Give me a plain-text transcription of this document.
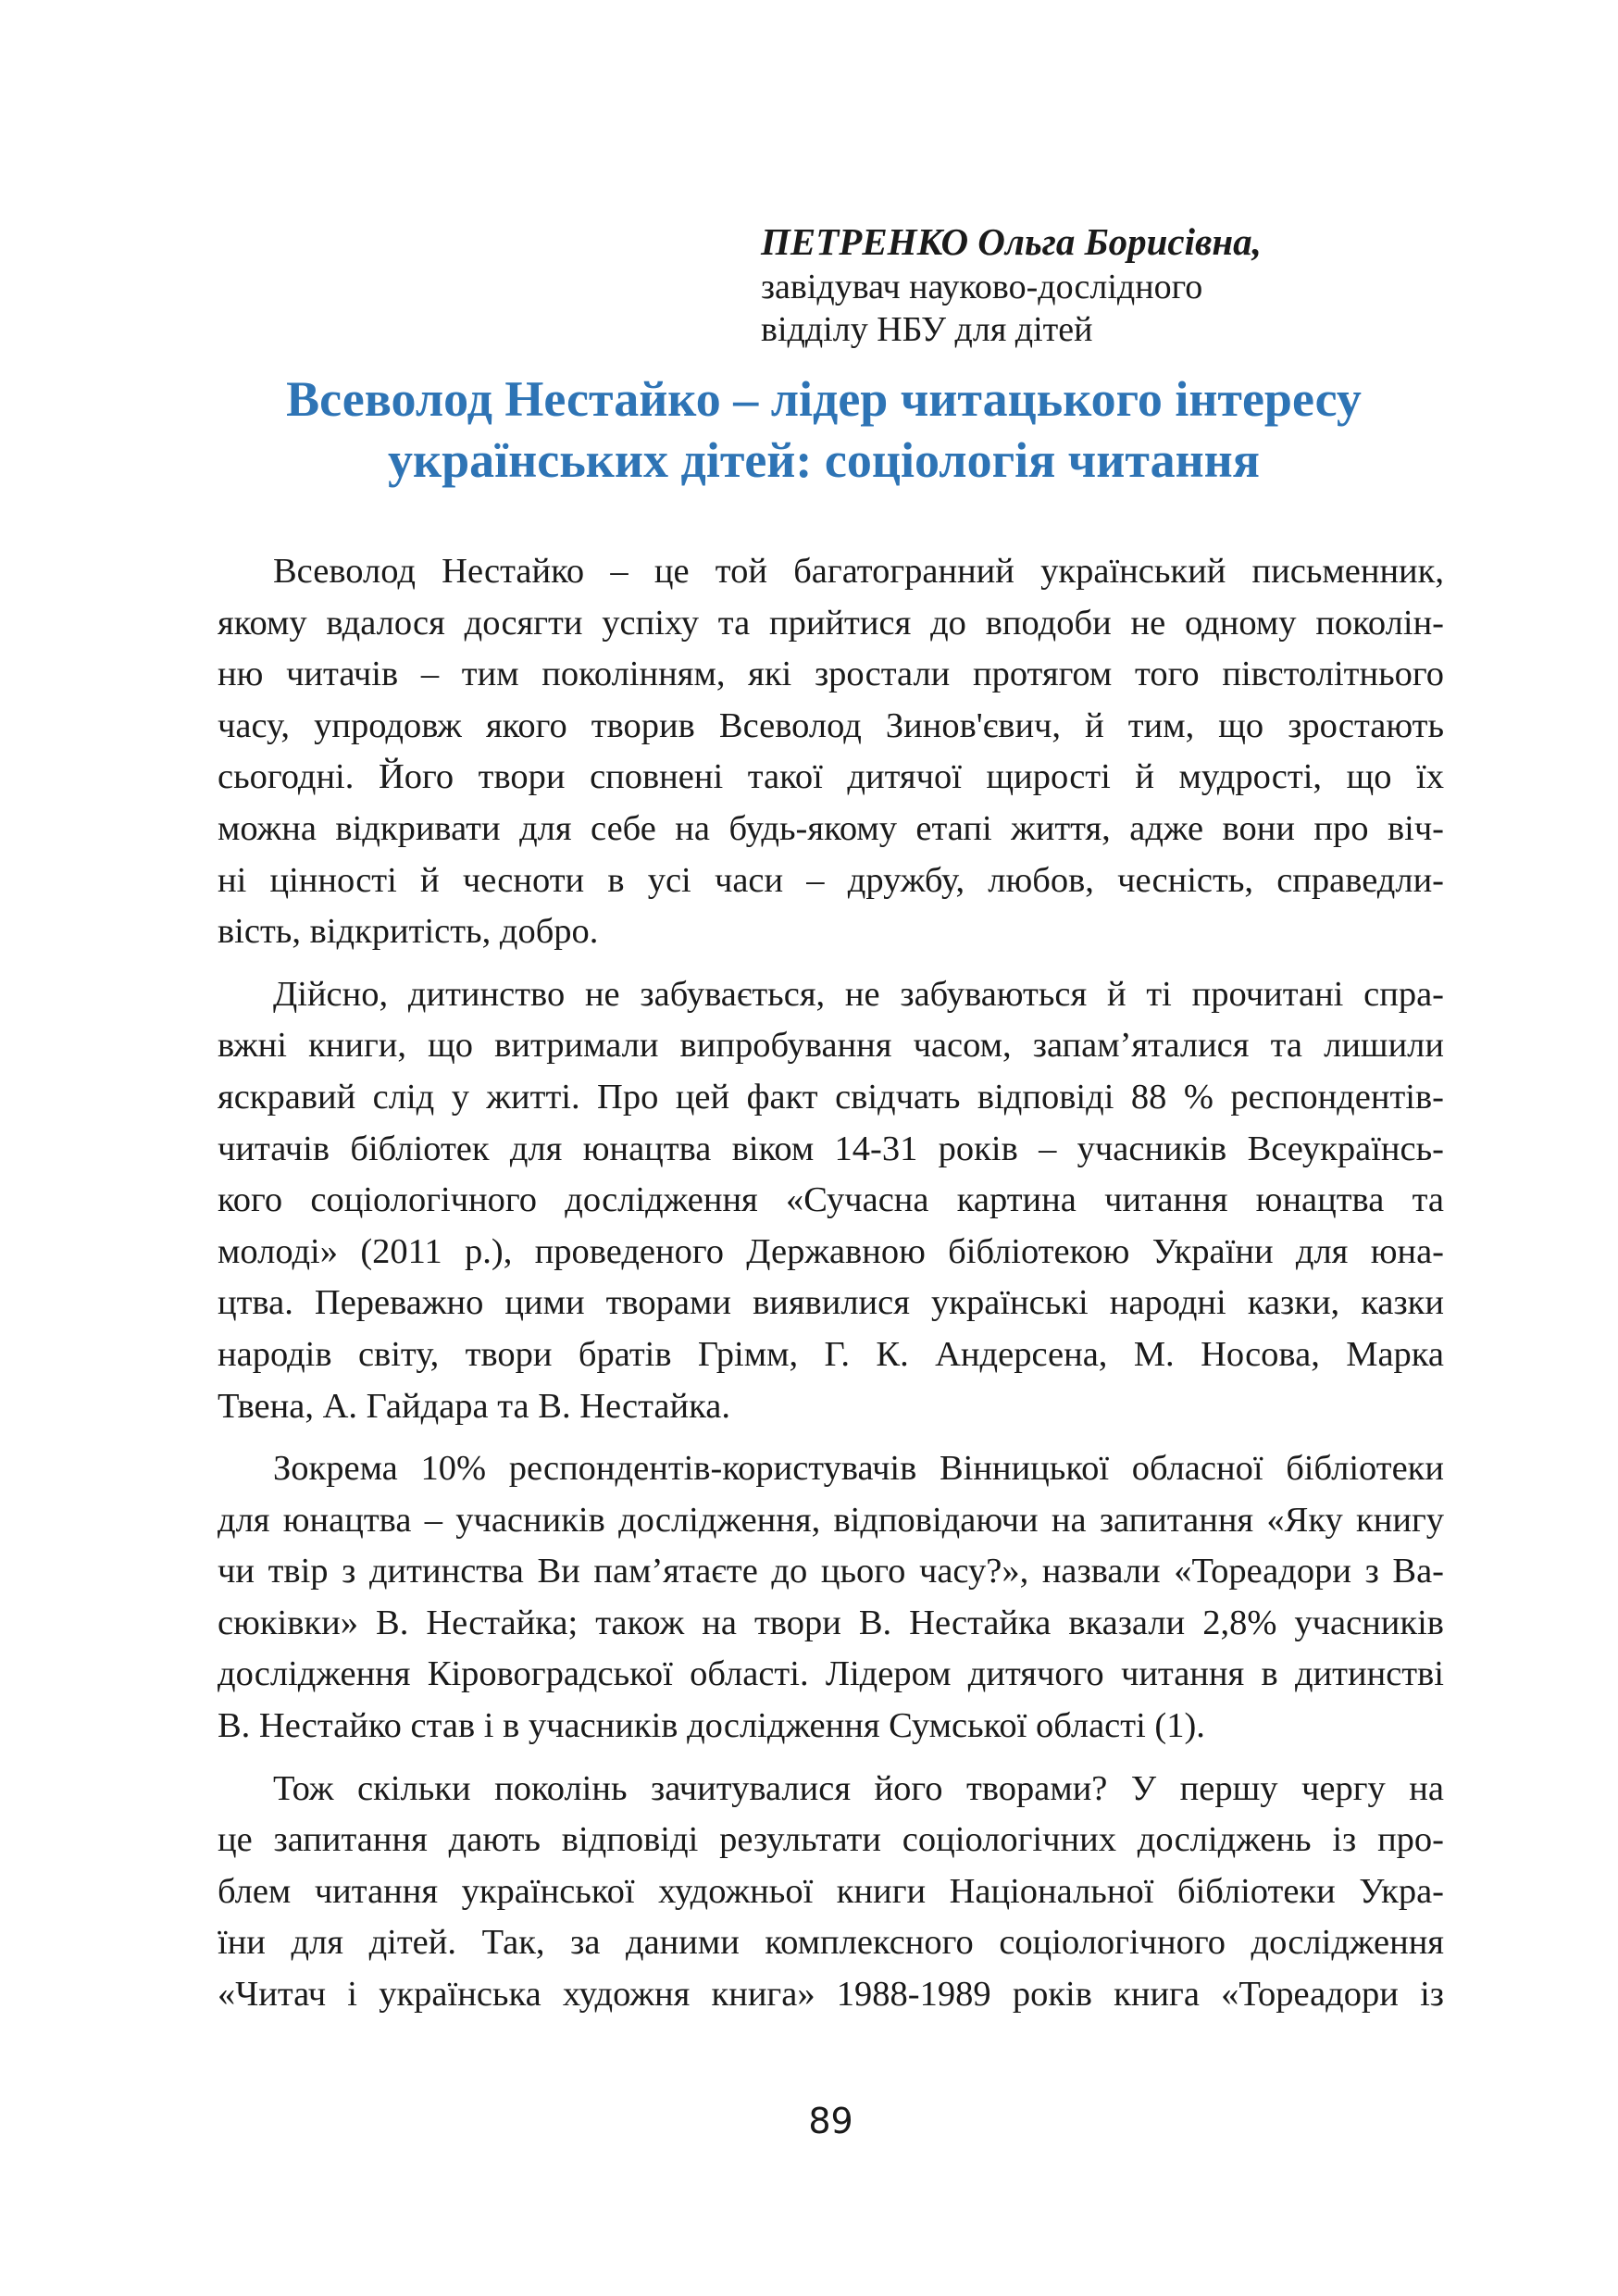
ПЕТРЕНКО Ольга Борисівна,

завідувач науково-дослідного

відділу НБУ для дітей

Всеволод Нестайко – лідер читацького інтересу
українських дітей: соціологія читання

Всеволод Нестайко – це той багатогранний український письменник,
якому вдалося досягти успіху та прийтися до вподоби не одному поколін-
ню читачів – тим поколінням, які зростали протягом того півстолітнього
часу, упродовж якого творив Всеволод Зинов'євич, й тим, що зростають
сьогодні. Його твори сповнені такої дитячої щирості й мудрості, що їх
можна відкривати для себе на будь-якому етапі життя, адже вони про віч-
ні цінності й чесноти в усі часи – дружбу, любов, чесність, справедли-
вість, відкритість, добро.

Дійсно, дитинство не забувається, не забуваються й ті прочитані спра-
вжні книги, що витримали випробування часом, запам’яталися та лишили
яскравий слід у житті. Про цей факт свідчать відповіді 88 % респондентів-
читачів бібліотек для юнацтва віком 14-31 років – учасників Всеукраїнсь-
кого соціологічного дослідження «Сучасна картина читання юнацтва та
молоді» (2011 р.), проведеного Державною бібліотекою України для юна-
цтва. Переважно цими творами виявилися українські народні казки, казки
народів світу, твори братів Грімм, Г. К. Андерсена, М. Носова, Марка
Твена, А. Гайдара та В. Нестайка.

Зокрема 10% респондентів-користувачів Вінницької обласної бібліотеки
для юнацтва – учасників дослідження, відповідаючи на запитання «Яку книгу
чи твір з дитинства Ви пам’ятаєте до цього часу?», назвали «Тореадори з Ва-
сюківки» В. Нестайка; також на твори В. Нестайка вказали 2,8% учасників
дослідження Кіровоградської області. Лідером дитячого читання в дитинстві
В. Нестайко став і в учасників дослідження Сумської області (1).

Тож скільки поколінь зачитувалися його творами? У першу чергу на
це запитання дають відповіді результати соціологічних досліджень із про-
блем читання української художньої книги Національної бібліотеки Укра-
їни для дітей. Так, за даними комплексного соціологічного дослідження
«Читач і українська художня книга» 1988-1989 років книга «Тореадори із

89
